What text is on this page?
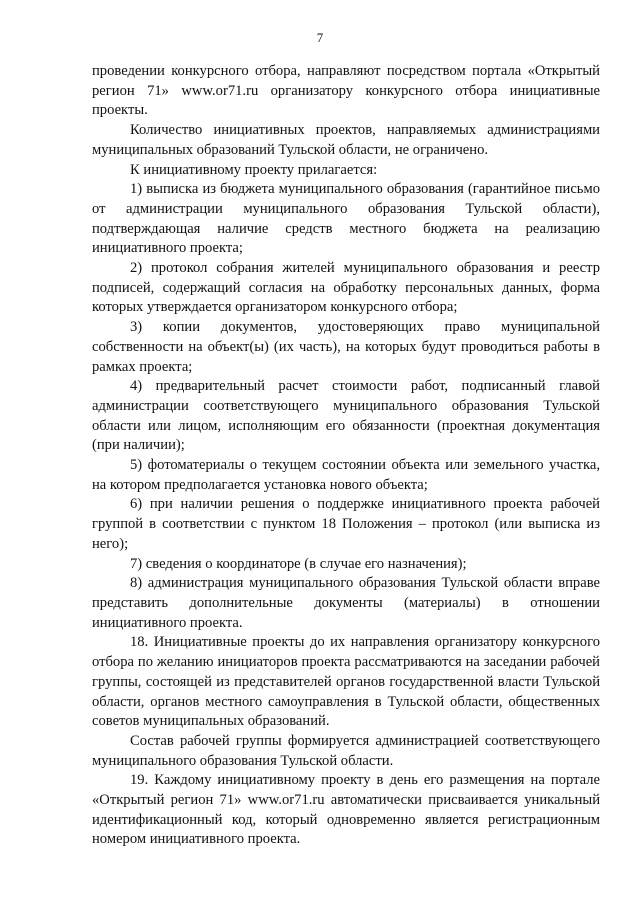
7

проведении конкурсного отбора, направляют посредством портала «Открытый регион 71» www.or71.ru организатору конкурсного отбора инициативные проекты.

Количество инициативных проектов, направляемых администрациями муниципальных образований Тульской области, не ограничено.

К инициативному проекту прилагается:

1) выписка из бюджета муниципального образования (гарантийное письмо от администрации муниципального образования Тульской области), подтверждающая наличие средств местного бюджета на реализацию инициативного проекта;

2) протокол собрания жителей муниципального образования и реестр подписей, содержащий согласия на обработку персональных данных, форма которых утверждается организатором конкурсного отбора;

3) копии документов, удостоверяющих право муниципальной собственности на объект(ы) (их часть), на которых будут проводиться работы в рамках проекта;

4) предварительный расчет стоимости работ, подписанный главой администрации соответствующего муниципального образования Тульской области или лицом, исполняющим его обязанности (проектная документация (при наличии);

5) фотоматериалы о текущем состоянии объекта или земельного участка, на котором предполагается установка нового объекта;

6) при наличии решения о поддержке инициативного проекта рабочей группой в соответствии с пунктом 18 Положения – протокол (или выписка из него);

7) сведения о координаторе (в случае его назначения);

8) администрация муниципального образования Тульской области вправе представить дополнительные документы (материалы) в отношении инициативного проекта.

18. Инициативные проекты до их направления организатору конкурсного отбора по желанию инициаторов проекта рассматриваются на заседании рабочей группы, состоящей из представителей органов государственной власти Тульской области, органов местного самоуправления в Тульской области, общественных советов муниципальных образований.

Состав рабочей группы формируется администрацией соответствующего муниципального образования Тульской области.

19. Каждому инициативному проекту в день его размещения на портале «Открытый регион 71» www.or71.ru автоматически присваивается уникальный идентификационный код, который одновременно является регистрационным номером инициативного проекта.
